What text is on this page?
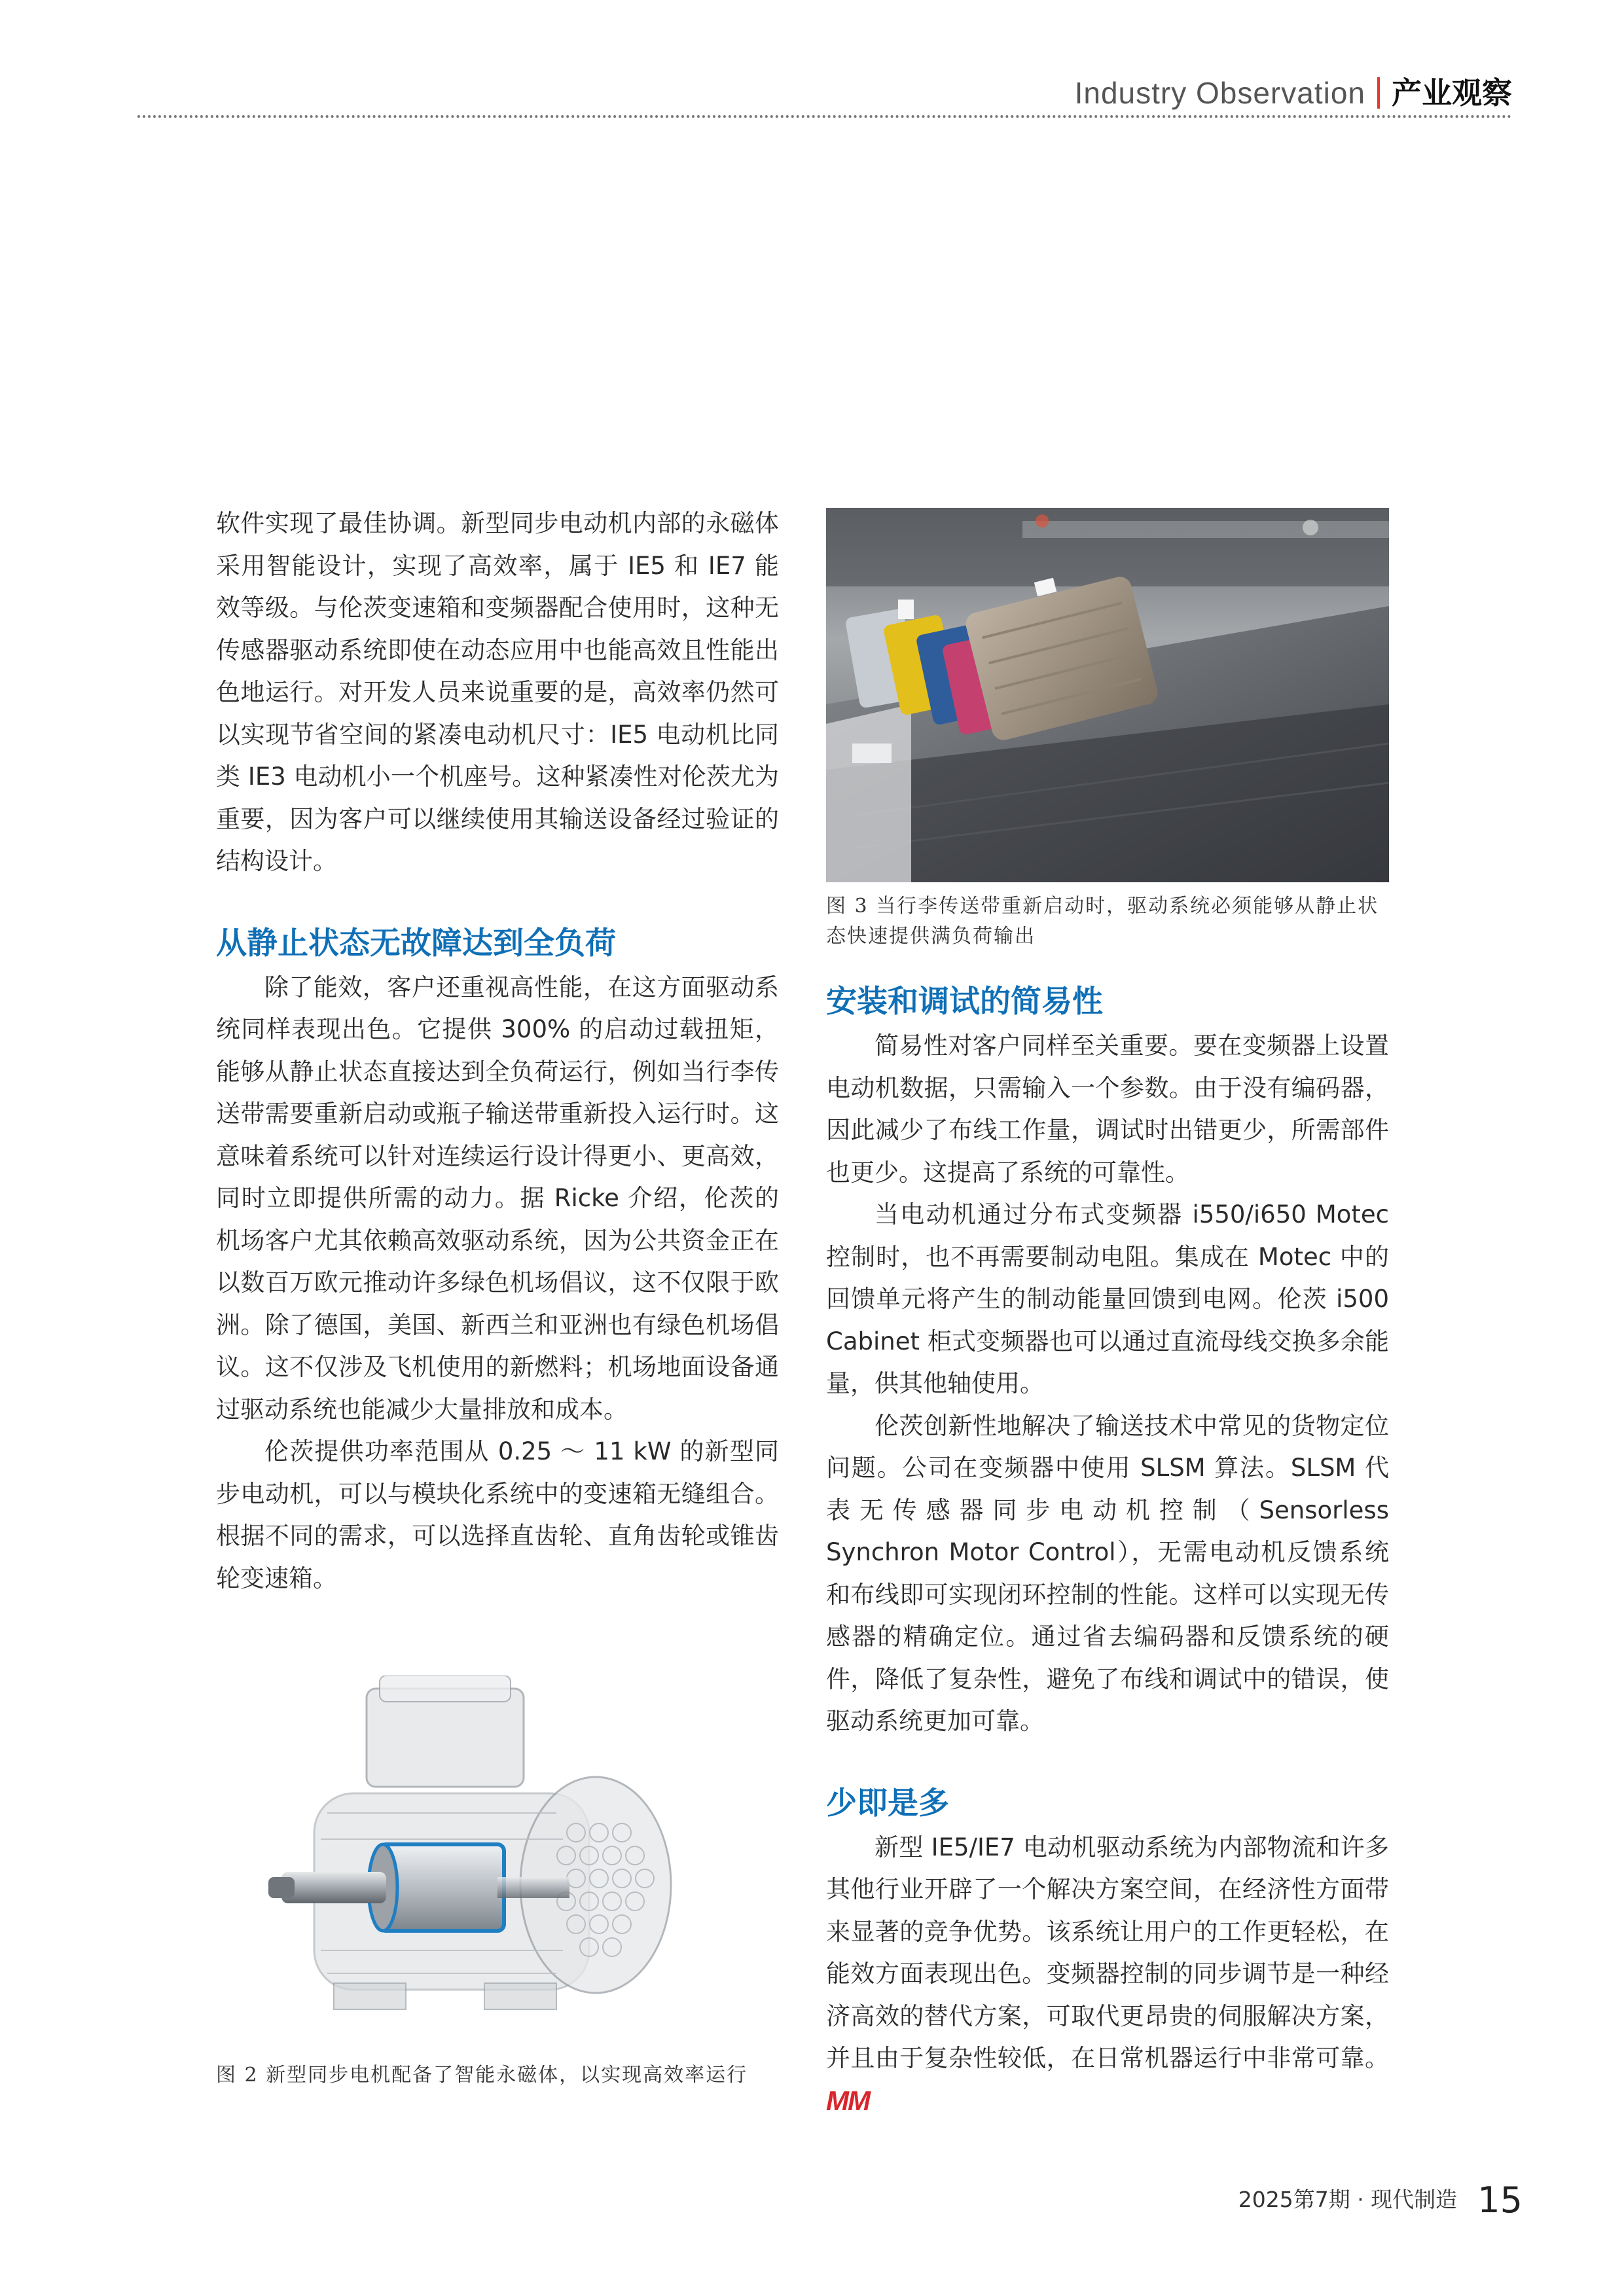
Industry Observation 产业观察

软件实现了最佳协调。新型同步电动机内部的永磁体采用智能设计，实现了高效率，属于 IE5 和 IE7 能效等级。与伦茨变速箱和变频器配合使用时，这种无传感器驱动系统即使在动态应用中也能高效且性能出色地运行。对开发人员来说重要的是，高效率仍然可以实现节省空间的紧凑电动机尺寸：IE5 电动机比同类 IE3 电动机小一个机座号。这种紧凑性对伦茨尤为重要，因为客户可以继续使用其输送设备经过验证的结构设计。

从静止状态无故障达到全负荷

除了能效，客户还重视高性能，在这方面驱动系统同样表现出色。它提供 300% 的启动过载扭矩，能够从静止状态直接达到全负荷运行，例如当行李传送带需要重新启动或瓶子输送带重新投入运行时。这意味着系统可以针对连续运行设计得更小、更高效，同时立即提供所需的动力。据 Ricke 介绍，伦茨的机场客户尤其依赖高效驱动系统，因为公共资金正在以数百万欧元推动许多绿色机场倡议，这不仅限于欧洲。除了德国，美国、新西兰和亚洲也有绿色机场倡议。这不仅涉及飞机使用的新燃料；机场地面设备通过驱动系统也能减少大量排放和成本。

伦茨提供功率范围从 0.25 ～ 11 kW 的新型同步电动机，可以与模块化系统中的变速箱无缝组合。根据不同的需求，可以选择直齿轮、直角齿轮或锥齿轮变速箱。

图 2 新型同步电机配备了智能永磁体，以实现高效率运行
图 3 当行李传送带重新启动时，驱动系统必须能够从静止状态快速提供满负荷输出
安装和调试的简易性

简易性对客户同样至关重要。要在变频器上设置电动机数据，只需输入一个参数。由于没有编码器，因此减少了布线工作量，调试时出错更少，所需部件也更少。这提高了系统的可靠性。

当电动机通过分布式变频器 i550/i650 Motec 控制时，也不再需要制动电阻。集成在 Motec 中的回馈单元将产生的制动能量回馈到电网。伦茨 i500 Cabinet 柜式变频器也可以通过直流母线交换多余能量，供其他轴使用。

伦茨创新性地解决了输送技术中常见的货物定位问题。公司在变频器中使用 SLSM 算法。SLSM 代表无传感器同步电动机控制（Sensorless Synchron Motor Control），无需电动机反馈系统和布线即可实现闭环控制的性能。这样可以实现无传感器的精确定位。通过省去编码器和反馈系统的硬件，降低了复杂性，避免了布线和调试中的错误，使驱动系统更加可靠。

少即是多

新型 IE5/IE7 电动机驱动系统为内部物流和许多其他行业开辟了一个解决方案空间，在经济性方面带来显著的竞争优势。该系统让用户的工作更轻松，在能效方面表现出色。变频器控制的同步调节是一种经济高效的替代方案，可取代更昂贵的伺服解决方案，并且由于复杂性较低，在日常机器运行中非常可靠。MM

2025第7期 · 现代制造 15
